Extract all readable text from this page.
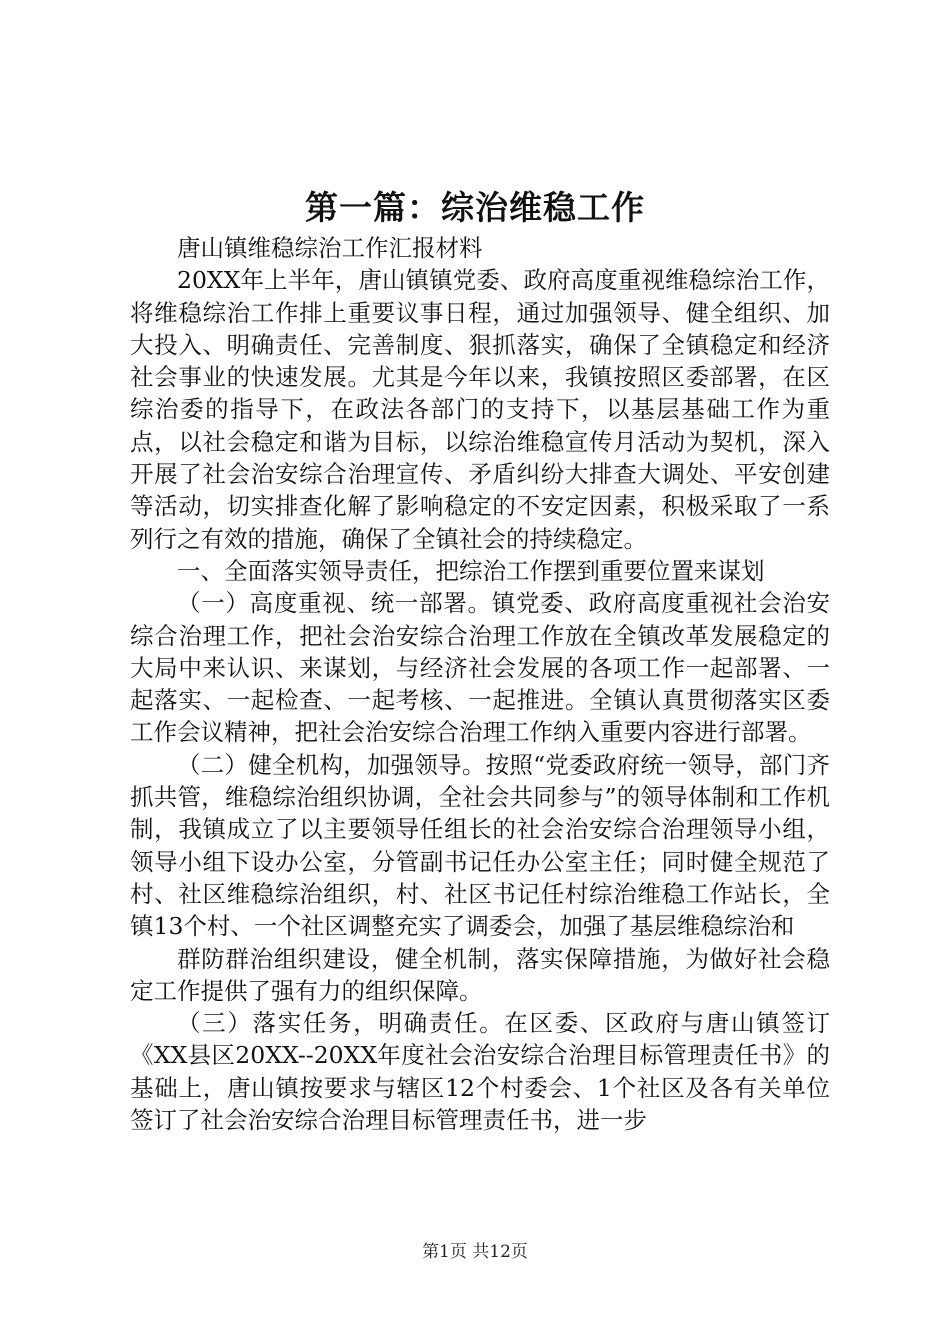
第一篇：综治维稳工作

唐山镇维稳综治工作汇报材料

20XX年上半年，唐山镇镇党委、政府高度重视维稳综治工作，将维稳综治工作排上重要议事日程，通过加强领导、健全组织、加大投入、明确责任、完善制度、狠抓落实，确保了全镇稳定和经济社会事业的快速发展。尤其是今年以来，我镇按照区委部署，在区综治委的指导下，在政法各部门的支持下，以基层基础工作为重点，以社会稳定和谐为目标，以综治维稳宣传月活动为契机，深入开展了社会治安综合治理宣传、矛盾纠纷大排查大调处、平安创建等活动，切实排查化解了影响稳定的不安定因素，积极采取了一系列行之有效的措施，确保了全镇社会的持续稳定。

一、全面落实领导责任，把综治工作摆到重要位置来谋划

（一）高度重视、统一部署。镇党委、政府高度重视社会治安综合治理工作，把社会治安综合治理工作放在全镇改革发展稳定的大局中来认识、来谋划，与经济社会发展的各项工作一起部署、一起落实、一起检查、一起考核、一起推进。全镇认真贯彻落实区委工作会议精神，把社会治安综合治理工作纳入重要内容进行部署。

（二）健全机构，加强领导。按照“党委政府统一领导，部门齐抓共管，维稳综治组织协调，全社会共同参与”的领导体制和工作机制，我镇成立了以主要领导任组长的社会治安综合治理领导小组，领导小组下设办公室，分管副书记任办公室主任；同时健全规范了村、社区维稳综治组织，村、社区书记任村综治维稳工作站长，全镇13个村、一个社区调整充实了调委会，加强了基层维稳综治和

群防群治组织建设，健全机制，落实保障措施，为做好社会稳定工作提供了强有力的组织保障。

（三）落实任务，明确责任。在区委、区政府与唐山镇签订《XX县区20XX--20XX年度社会治安综合治理目标管理责任书》的基础上，唐山镇按要求与辖区12个村委会、1个社区及各有关单位签订了社会治安综合治理目标管理责任书，进一步

第1页 共12页
